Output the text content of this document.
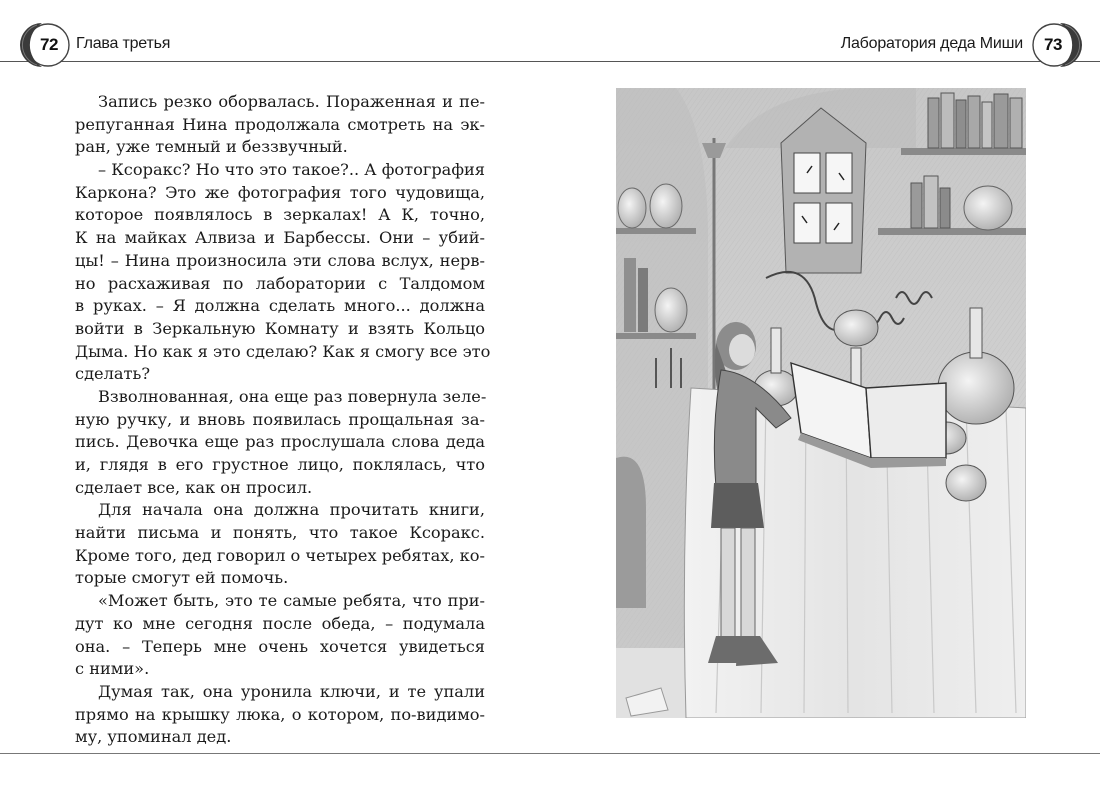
72	Глава третья	Лаборатория деда Миши	73
Запись резко оборвалась. Пораженная и пе-
репуганная Нина продолжала смотреть на эк-
ран, уже темный и беззвучный.
– Ксоракс? Но что это такое?.. А фотография
Каркона? Это же фотография того чудовища,
которое появлялось в зеркалах! А К, точно,
К на майках Алвиза и Барбессы. Они – убий-
цы! – Нина произносила эти слова вслух, нерв-
но расхаживая по лаборатории с Талдомом
в руках. – Я должна сделать много... должна
войти в Зеркальную Комнату и взять Кольцо
Дыма. Но как я это сделаю? Как я смогу все это
сделать?
Взволнованная, она еще раз повернула зеле-
ную ручку, и вновь появилась прощальная за-
пись. Девочка еще раз прослушала слова деда
и, глядя в его грустное лицо, поклялась, что
сделает все, как он просил.
Для начала она должна прочитать книги,
найти письма и понять, что такое Ксоракс.
Кроме того, дед говорил о четырех ребятах, ко-
торые смогут ей помочь.
«Может быть, это те самые ребята, что при-
дут ко мне сегодня после обеда, – подумала
она. – Теперь мне очень хочется увидеться
с ними».
Думая так, она уронила ключи, и те упали
прямо на крышку люка, о котором, по-видимо-
му, упоминал дед.
